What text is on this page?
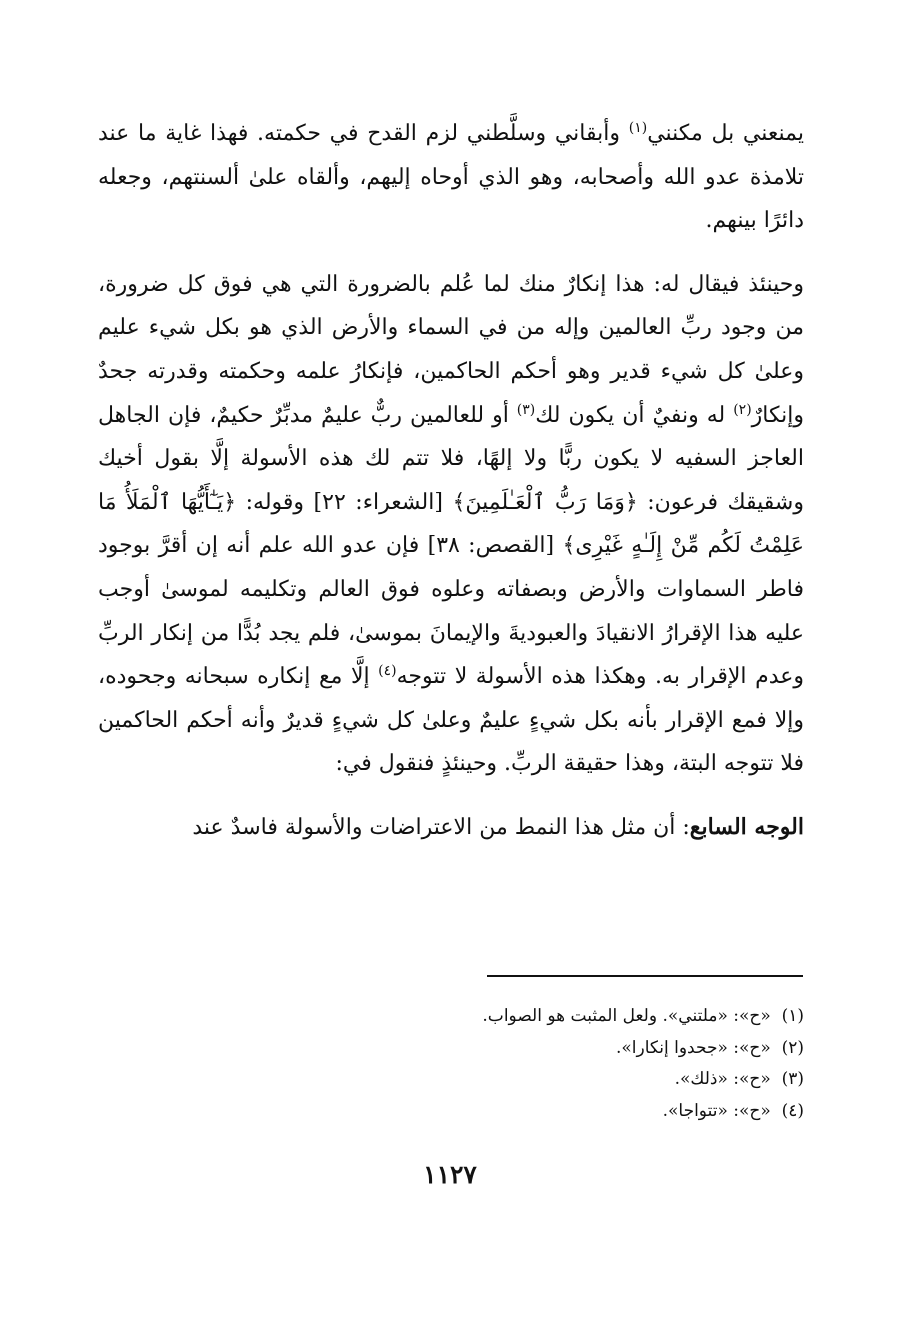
يمنعني بل مكنني$^{(١)}$ وأبقاني وسلَّطني لزم القدح في حكمته. فهذا غاية ما عند تلامذة عدو الله وأصحابه، وهو الذي أوحاه إليهم، وألقاه علىٰ ألسنتهم، وجعله دائرًا بينهم.

وحينئذ فيقال له: هذا إنكارٌ منك لما عُلم بالضرورة التي هي فوق كل ضرورة، من وجود ربِّ العالمين وإله من في السماء والأرض الذي هو بكل شيء عليم وعلىٰ كل شيء قدير وهو أحكم الحاكمين، فإنكارُ علمه وحكمته وقدرته جحدٌ وإنكارٌ$^{(٢)}$ له ونفيٌ أن يكون لك$^{(٣)}$ أو للعالمين ربٌّ عليمٌ مدبِّرٌ حكيمٌ، فإن الجاهل العاجز السفيه لا يكون ربًّا ولا إلهًا، فلا تتم لك هذه الأسولة إلَّا بقول أخيك وشقيقك فرعون: ﴿وَمَا رَبُّ ٱلْعَـٰلَمِينَ﴾ [الشعراء: ٢٢] وقوله: ﴿يَـٰٓأَيُّهَا ٱلْمَلَأُ مَا عَلِمْتُ لَكُم مِّنْ إِلَـٰهٍ غَيْرِى﴾ [القصص: ٣٨] فإن عدو الله علم أنه إن أقرَّ بوجود فاطر السماوات والأرض وبصفاته وعلوه فوق العالم وتكليمه لموسىٰ أوجب عليه هذا الإقرارُ الانقيادَ والعبوديةَ والإيمانَ بموسىٰ، فلم يجد بُدًّا من إنكار الربِّ وعدم الإقرار به. وهكذا هذه الأسولة لا تتوجه$^{(٤)}$ إلَّا مع إنكاره سبحانه وجحوده، وإلا فمع الإقرار بأنه بكل شيءٍ عليمٌ وعلىٰ كل شيءٍ قديرٌ وأنه أحكم الحاكمين فلا تتوجه البتة، وهذا حقيقة الربِّ. وحينئذٍ فنقول في:

الوجه السابع: أن مثل هذا النمط من الاعتراضات والأسولة فاسدٌ عند

(١)  «ح»: «ملتني». ولعل المثبت هو الصواب.
(٢)  «ح»: «جحدوا إنكارا».
(٣)  «ح»: «ذلك».
(٤)  «ح»: «تتواجا».
١١٢٧
